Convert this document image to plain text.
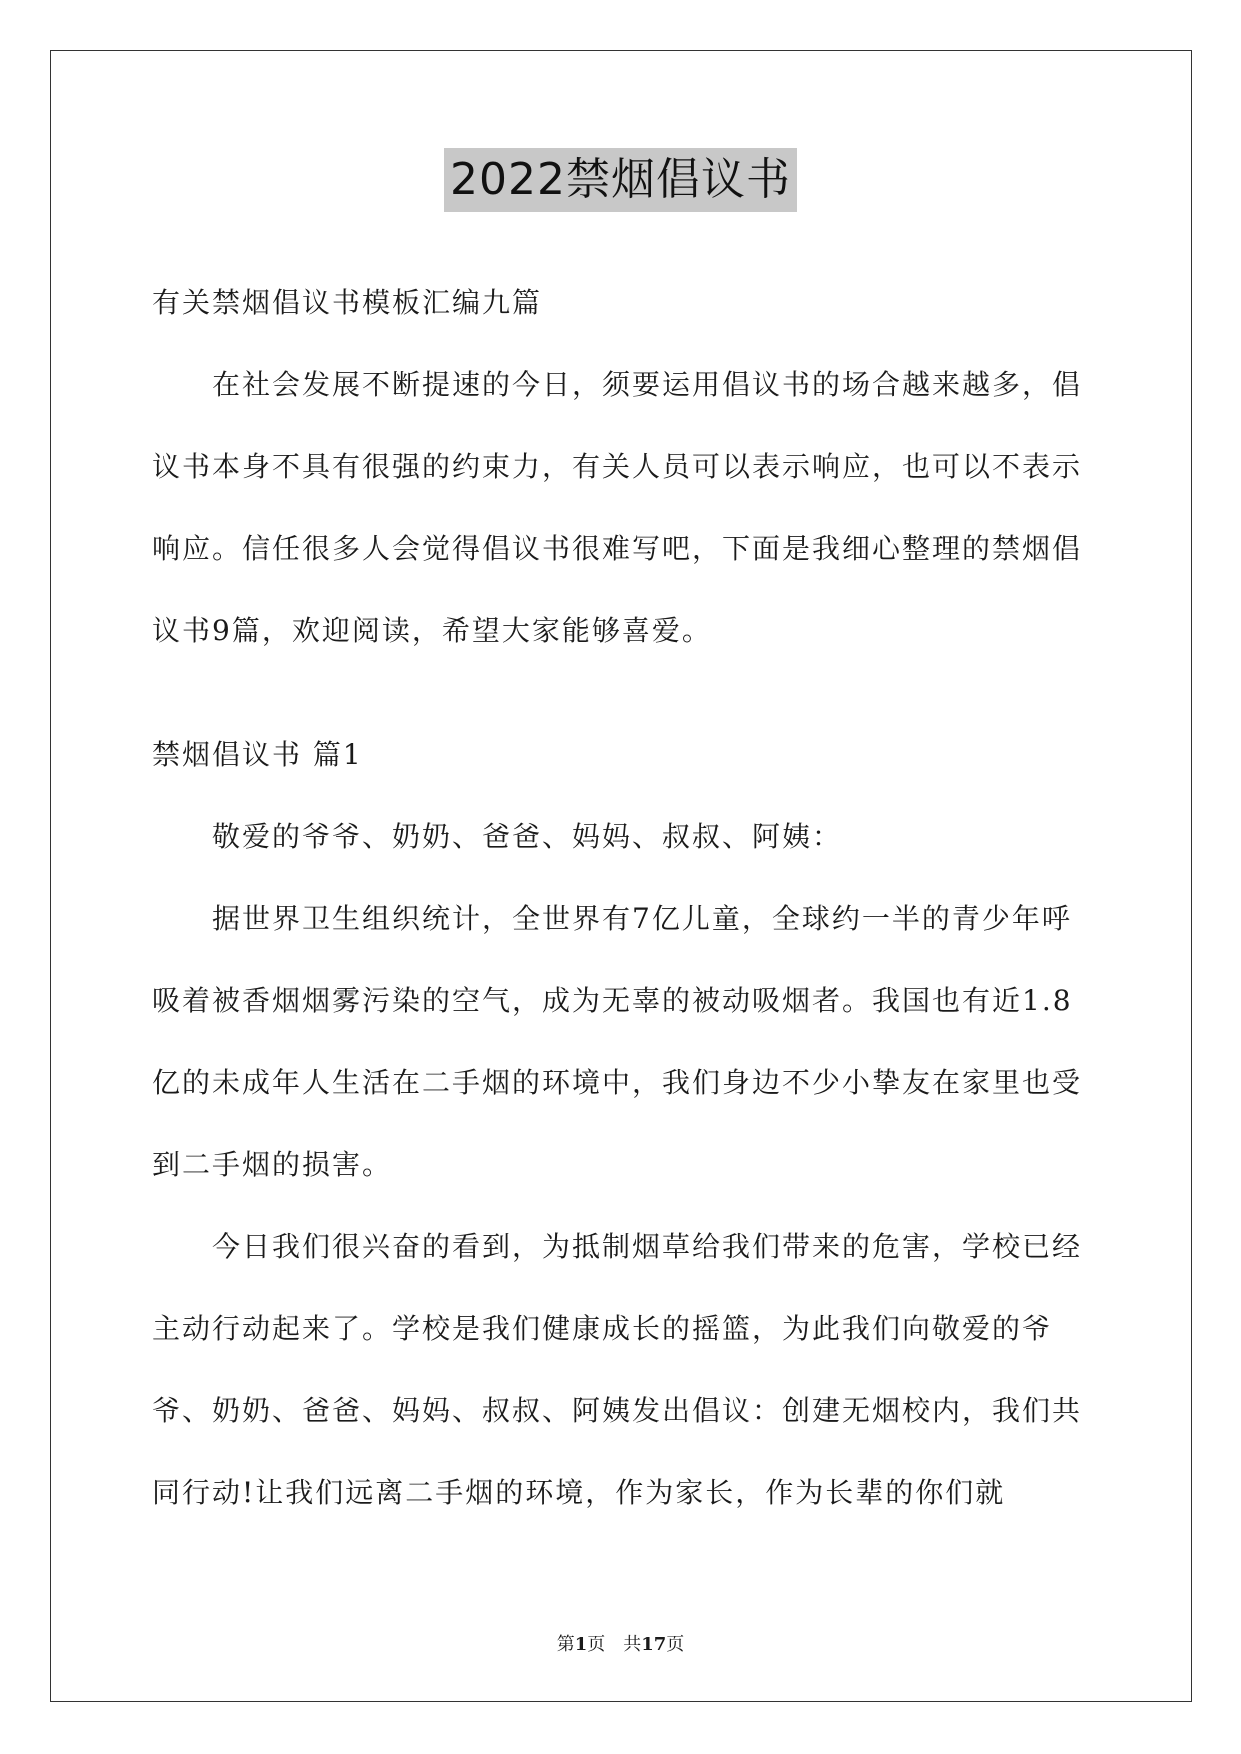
2022禁烟倡议书

有关禁烟倡议书模板汇编九篇

在社会发展不断提速的今日，须要运用倡议书的场合越来越多，倡议书本身不具有很强的约束力，有关人员可以表示响应，也可以不表示响应。信任很多人会觉得倡议书很难写吧，下面是我细心整理的禁烟倡议书9篇，欢迎阅读，希望大家能够喜爱。

禁烟倡议书 篇1

敬爱的爷爷、奶奶、爸爸、妈妈、叔叔、阿姨：

据世界卫生组织统计，全世界有7亿儿童，全球约一半的青少年呼吸着被香烟烟雾污染的空气，成为无辜的被动吸烟者。我国也有近1.8亿的未成年人生活在二手烟的环境中，我们身边不少小挚友在家里也受到二手烟的损害。

今日我们很兴奋的看到，为抵制烟草给我们带来的危害，学校已经主动行动起来了。学校是我们健康成长的摇篮，为此我们向敬爱的爷爷、奶奶、爸爸、妈妈、叔叔、阿姨发出倡议：创建无烟校内，我们共同行动!让我们远离二手烟的环境，作为家长，作为长辈的你们就

第1页　共17页
